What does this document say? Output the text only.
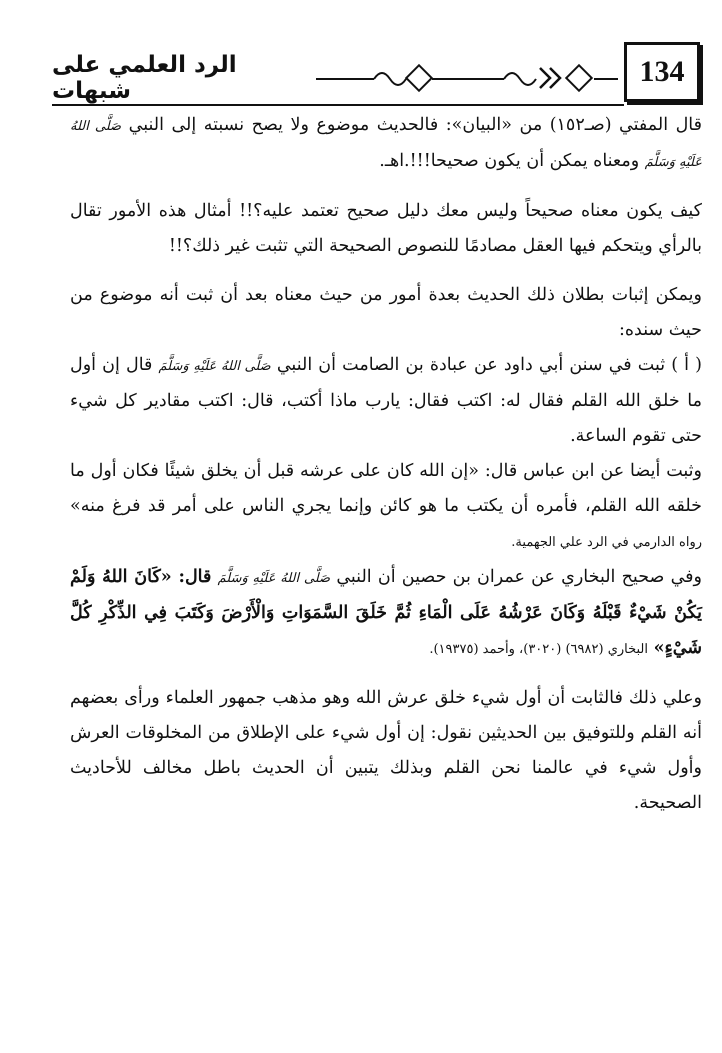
134
الرد العلمي على شبهات

قال المفتي (صـ١٥٢) من «البيان»: فالحديث موضوع ولا يصح نسبته إلى النبي صَلَّى اللهُ عَلَيْهِ وَسَلَّمَ ومعناه يمكن أن يكون صحيحا!!!.اهـ.

كيف يكون معناه صحيحاً وليس معك دليل صحيح تعتمد عليه؟!! أمثال هذه الأمور تقال بالرأي ويتحكم فيها العقل مصادمًا للنصوص الصحيحة التي تثبت غير ذلك؟!!

ويمكن إثبات بطلان ذلك الحديث بعدة أمور من حيث معناه بعد أن ثبت أنه موضوع من حيث سنده:

( أ ) ثبت في سنن أبي داود عن عبادة بن الصامت أن النبي صَلَّى اللهُ عَلَيْهِ وَسَلَّمَ قال إن أول ما خلق الله القلم فقال له: اكتب فقال: يارب ماذا أكتب، قال: اكتب مقادير كل شيء حتى تقوم الساعة.

وثبت أيضا عن ابن عباس قال: «إن الله كان على عرشه قبل أن يخلق شيئًا فكان أول ما خلقه الله القلم، فأمره أن يكتب ما هو كائن وإنما يجري الناس على أمر قد فرغ منه» رواه الدارمي في الرد علي الجهمية.

وفي صحيح البخاري عن عمران بن حصين أن النبي صَلَّى اللهُ عَلَيْهِ وَسَلَّمَ قال: «كَانَ اللهُ وَلَمْ يَكُنْ شَيْءٌ قَبْلَهُ وَكَانَ عَرْشُهُ عَلَى الْمَاءِ ثُمَّ خَلَقَ السَّمَوَاتِ وَالْأَرْضَ وَكَتَبَ فِي الذِّكْرِ كُلَّ شَيْءٍ» البخاري (٦٩٨٢) (٣٠٢٠)، وأحمد (١٩٣٧٥).

وعلي ذلك فالثابت أن أول شيء خلق عرش الله وهو مذهب جمهور العلماء ورأى بعضهم أنه القلم وللتوفيق بين الحديثين نقول: إن أول شيء على الإطلاق من المخلوقات العرش وأول شيء في عالمنا نحن القلم وبذلك يتبين أن الحديث باطل مخالف للأحاديث الصحيحة.
